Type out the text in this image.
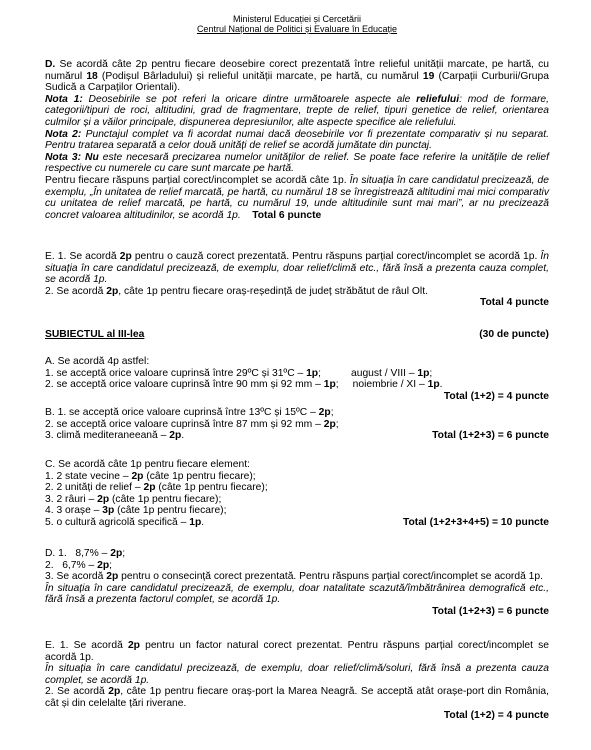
Ministerul Educației și Cercetării
Centrul Național de Politici și Evaluare în Educație

D. Se acordă câte 2p pentru fiecare deosebire corect prezentată între relieful unității marcate, pe hartă, cu numărul 18 (Podișul Bârladului) și relieful unității marcate, pe hartă, cu numărul 19 (Carpații Curburii/Grupa Sudică a Carpaților Orientali).

Nota 1: Deosebirile se pot referi la oricare dintre următoarele aspecte ale reliefului: mod de formare, categorii/tipuri de roci, altitudini, grad de fragmentare, trepte de relief, tipuri genetice de relief, orientarea culmilor și a văilor principale, dispunerea depresiunilor, alte aspecte specifice ale reliefului.

Nota 2: Punctajul complet va fi acordat numai dacă deosebirile vor fi prezentate comparativ și nu separat. Pentru tratarea separată a celor două unități de relief se acordă jumătate din punctaj.

Nota 3: Nu este necesară precizarea numelor unităților de relief. Se poate face referire la unitățile de relief respective cu numerele cu care sunt marcate pe hartă.

Pentru fiecare răspuns parțial corect/incomplet se acordă câte 1p. În situația în care candidatul precizează, de exemplu, „În unitatea de relief marcată, pe hartă, cu numărul 18 se înregistrează altitudini mai mici comparativ cu unitatea de relief marcată, pe hartă, cu numărul 19, unde altitudinile sunt mai mari”, ar nu precizează concret valoarea altitudinilor, se acordă 1p. Total 6 puncte

E. 1. Se acordă 2p pentru o cauză corect prezentată. Pentru răspuns parțial corect/incomplet se acordă 1p. În situația în care candidatul precizează, de exemplu, doar relief/climă etc., fără însă a prezenta cauza complet, se acordă 1p.

2. Se acordă 2p, câte 1p pentru fiecare oraș-reședință de județ străbătut de râul Olt.

Total 4 puncte

SUBIECTUL al III-lea	(30 de puncte)

A. Se acordă 4p astfel:

1. se acceptă orice valoare cuprinsă între 29ºC și 31ºC – 1p;	august / VIII – 1p;

2. se acceptă orice valoare cuprinsă între 90 mm și 92 mm – 1p; noiembrie / XI – 1p.

Total (1+2) = 4 puncte

B. 1. se acceptă orice valoare cuprinsă între 13ºC și 15ºC – 2p;

2. se acceptă orice valoare cuprinsă între 87 mm și 92 mm – 2p;

3. climă mediteraneeană – 2p.	Total (1+2+3) = 6 puncte

C. Se acordă câte 1p pentru fiecare element:

1. 2 state vecine – 2p (câte 1p pentru fiecare);

2. 2 unități de relief – 2p (câte 1p pentru fiecare);

3. 2 râuri – 2p (câte 1p pentru fiecare);

4. 3 orașe – 3p (câte 1p pentru fiecare);

5. o cultură agricolă specifică – 1p.	Total (1+2+3+4+5) = 10 puncte

D. 1. 8,7% – 2p;

2. 6,7% – 2p;

3. Se acordă 2p pentru o consecință corect prezentată. Pentru răspuns parțial corect/incomplet se acordă 1p.

În situația în care candidatul precizează, de exemplu, doar natalitate scazută/îmbătrânirea demografică etc., fără însă a prezenta factorul complet, se acordă 1p.

Total (1+2+3) = 6 puncte

E. 1. Se acordă 2p pentru un factor natural corect prezentat. Pentru răspuns parțial corect/incomplet se acordă 1p.

În situația în care candidatul precizează, de exemplu, doar relief/climă/soluri, fără însă a prezenta cauza complet, se acordă 1p.

2. Se acordă 2p, câte 1p pentru fiecare oraș-port la Marea Neagră. Se acceptă atât orașe-port din România, cât și din celelalte țări riverane.

Total (1+2) = 4 puncte
